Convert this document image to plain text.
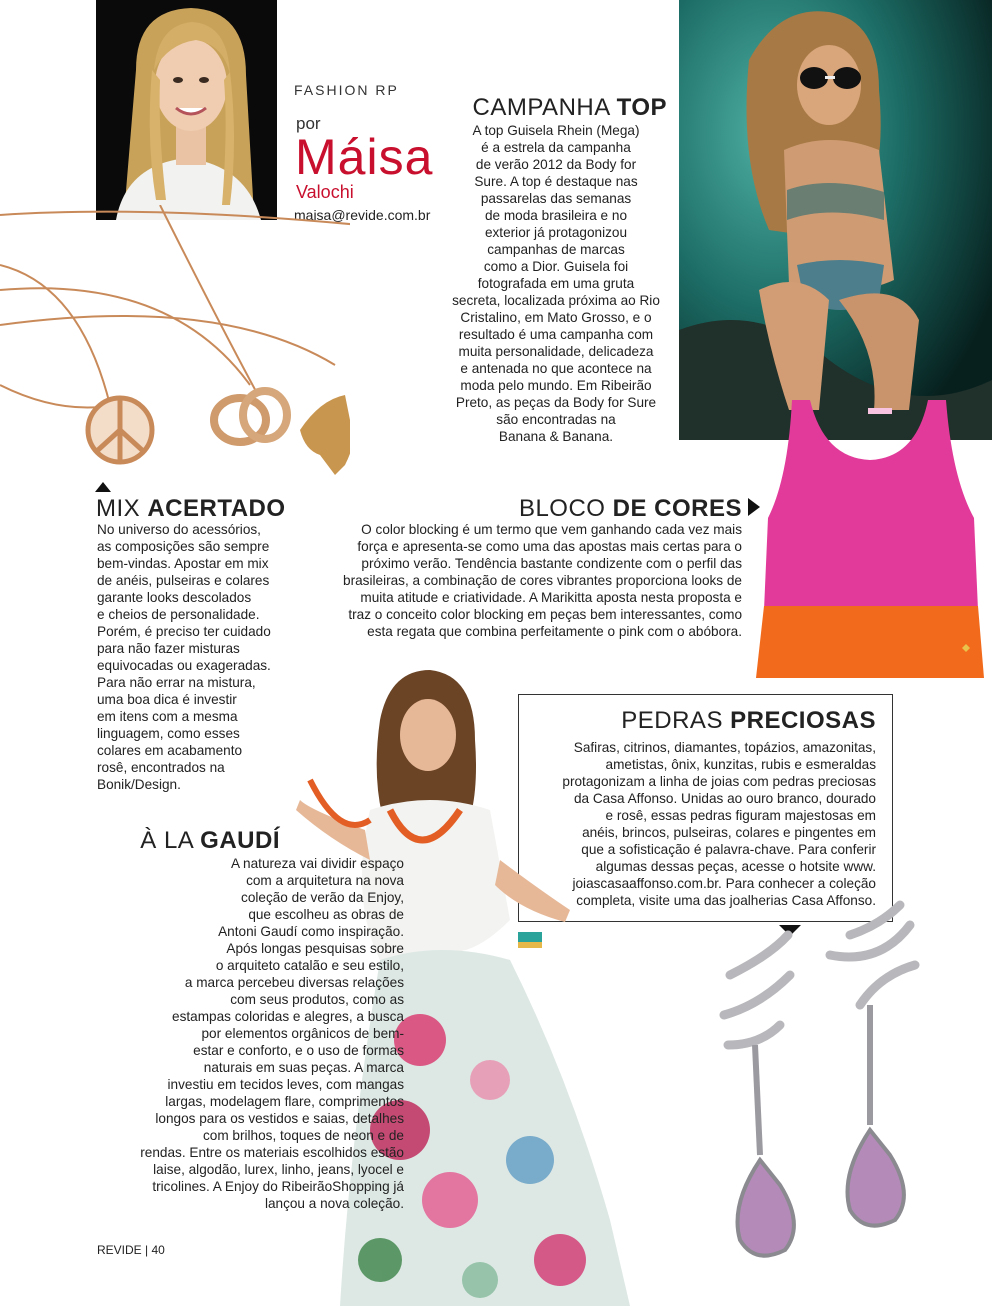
FASHION RP
por
Máisa
Valochi
maisa@revide.com.br
CAMPANHA TOP

A top Guisela Rhein (Mega)

é a estrela da campanha

de verão 2012 da Body for

Sure. A top é destaque nas

passarelas das semanas

de moda brasileira e no

exterior já protagonizou

campanhas de marcas

como a Dior. Guisela foi

fotografada em uma gruta

secreta, localizada próxima ao Rio

Cristalino, em Mato Grosso, e o

resultado é uma campanha com

muita personalidade, delicadeza

e antenada no que acontece na

moda pelo mundo. Em Ribeirão

Preto, as peças da Body for Sure

são encontradas na

Banana & Banana.

MIX ACERTADO

No universo do acessórios,

as composições são sempre

bem-vindas. Apostar em mix

de anéis, pulseiras e colares

garante looks descolados

e cheios de personalidade.

Porém, é preciso ter cuidado

para não fazer misturas

equivocadas ou exageradas.

Para não errar na mistura,

uma boa dica é investir

em itens com a mesma

linguagem, como esses

colares em acabamento

rosê, encontrados na

Bonik/Design.

BLOCO DE CORES

O color blocking é um termo que vem ganhando cada vez mais

força e apresenta-se como uma das apostas mais certas para o

próximo verão. Tendência bastante condizente com o perfil das

brasileiras, a combinação de cores vibrantes proporciona looks de

muita atitude e criatividade. A Marikitta aposta nesta proposta e

traz o conceito color blocking em peças bem interessantes, como

esta regata que combina perfeitamente o pink com o abóbora.

PEDRAS PRECIOSAS

Safiras, citrinos, diamantes, topázios, amazonitas,

ametistas, ônix, kunzitas, rubis e esmeraldas

protagonizam a linha de joias com pedras preciosas

da Casa Affonso. Unidas ao ouro branco, dourado

e rosê, essas pedras figuram majestosas em

anéis, brincos, pulseiras, colares e pingentes em

que a sofisticação é palavra-chave. Para conferir

algumas dessas peças, acesse o hotsite www.

joiascasaaffonso.com.br. Para conhecer a coleção

completa, visite uma das joalherias Casa Affonso.

À LA GAUDÍ

A natureza vai dividir espaço

com a arquitetura na nova

coleção de verão da Enjoy,

que escolheu as obras de

Antoni Gaudí como inspiração.

Após longas pesquisas sobre

o arquiteto catalão e seu estilo,

a marca percebeu diversas relações

com seus produtos, como as

estampas coloridas e alegres, a busca

por elementos orgânicos de bem-

estar e conforto, e o uso de formas

naturais em suas peças. A marca

investiu em tecidos leves, com mangas

largas, modelagem flare, comprimentos

longos para os vestidos e saias, detalhes

com brilhos, toques de neon e de

rendas. Entre os materiais escolhidos estão

laise, algodão, lurex, linho, jeans, lyocel e

tricolines. A Enjoy do RibeirãoShopping já

lançou a nova coleção.

REVIDE | 40
